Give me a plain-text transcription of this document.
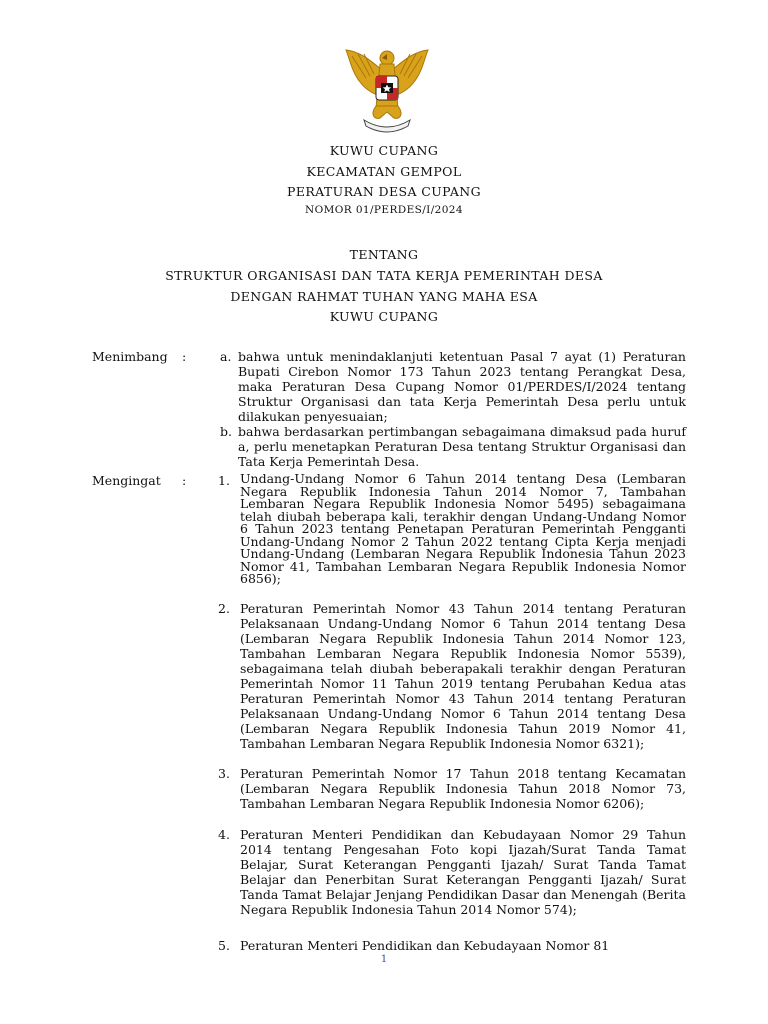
KUWU CUPANG
KECAMATAN GEMPOL
PERATURAN DESA CUPANG
NOMOR 01/PERDES/I/2024
TENTANG
STRUKTUR ORGANISASI DAN TATA KERJA PEMERINTAH DESA
DENGAN RAHMAT TUHAN YANG MAHA ESA
KUWU CUPANG
Menimbang :	a. bahwa untuk menindaklanjuti ketentuan Pasal 7 ayat (1) Peraturan Bupati Cirebon Nomor 173 Tahun 2023 tentang Perangkat Desa, maka Peraturan Desa Cupang Nomor 01/PERDES/I/2024 tentang Struktur Organisasi dan tata Kerja Pemerintah Desa perlu untuk dilakukan penyesuaian;
b. bahwa berdasarkan pertimbangan sebagaimana dimaksud pada huruf a, perlu menetapkan Peraturan Desa tentang Struktur Organisasi dan Tata Kerja Pemerintah Desa.
Mengingat :	1. Undang-Undang Nomor 6 Tahun 2014 tentang Desa (Lembaran Negara Republik Indonesia Tahun 2014 Nomor 7, Tambahan Lembaran Negara Republik Indonesia Nomor 5495) sebagaimana telah diubah beberapa kali, terakhir dengan Undang-Undang Nomor 6 Tahun 2023 tentang Penetapan Peraturan Pemerintah Pengganti Undang-Undang Nomor 2 Tahun 2022 tentang Cipta Kerja menjadi Undang-Undang (Lembaran Negara Republik Indonesia Tahun 2023 Nomor 41, Tambahan Lembaran Negara Republik Indonesia Nomor 6856);
2. Peraturan Pemerintah Nomor 43 Tahun 2014 tentang Peraturan Pelaksanaan Undang-Undang Nomor 6 Tahun 2014 tentang Desa (Lembaran Negara Republik Indonesia Tahun 2014 Nomor 123, Tambahan Lembaran Negara Republik Indonesia Nomor 5539), sebagaimana telah diubah beberapakali terakhir dengan Peraturan Pemerintah Nomor 11 Tahun 2019 tentang Perubahan Kedua atas Peraturan Pemerintah Nomor 43 Tahun 2014 tentang Peraturan Pelaksanaan Undang-Undang Nomor 6 Tahun 2014 tentang Desa (Lembaran Negara Republik Indonesia Tahun 2019 Nomor 41, Tambahan Lembaran Negara Republik Indonesia Nomor 6321);
3. Peraturan Pemerintah Nomor 17 Tahun 2018 tentang Kecamatan (Lembaran Negara Republik Indonesia Tahun 2018 Nomor 73, Tambahan Lembaran Negara Republik Indonesia Nomor 6206);
4. Peraturan Menteri Pendidikan dan Kebudayaan Nomor 29 Tahun 2014 tentang Pengesahan Foto kopi Ijazah/Surat Tanda Tamat Belajar, Surat Keterangan Pengganti Ijazah/ Surat Tanda Tamat Belajar dan Penerbitan Surat Keterangan Pengganti Ijazah/ Surat Tanda Tamat Belajar Jenjang Pendidikan Dasar dan Menengah (Berita Negara Republik Indonesia Tahun 2014 Nomor 574);
5. Peraturan Menteri Pendidikan dan Kebudayaan Nomor 81
1
